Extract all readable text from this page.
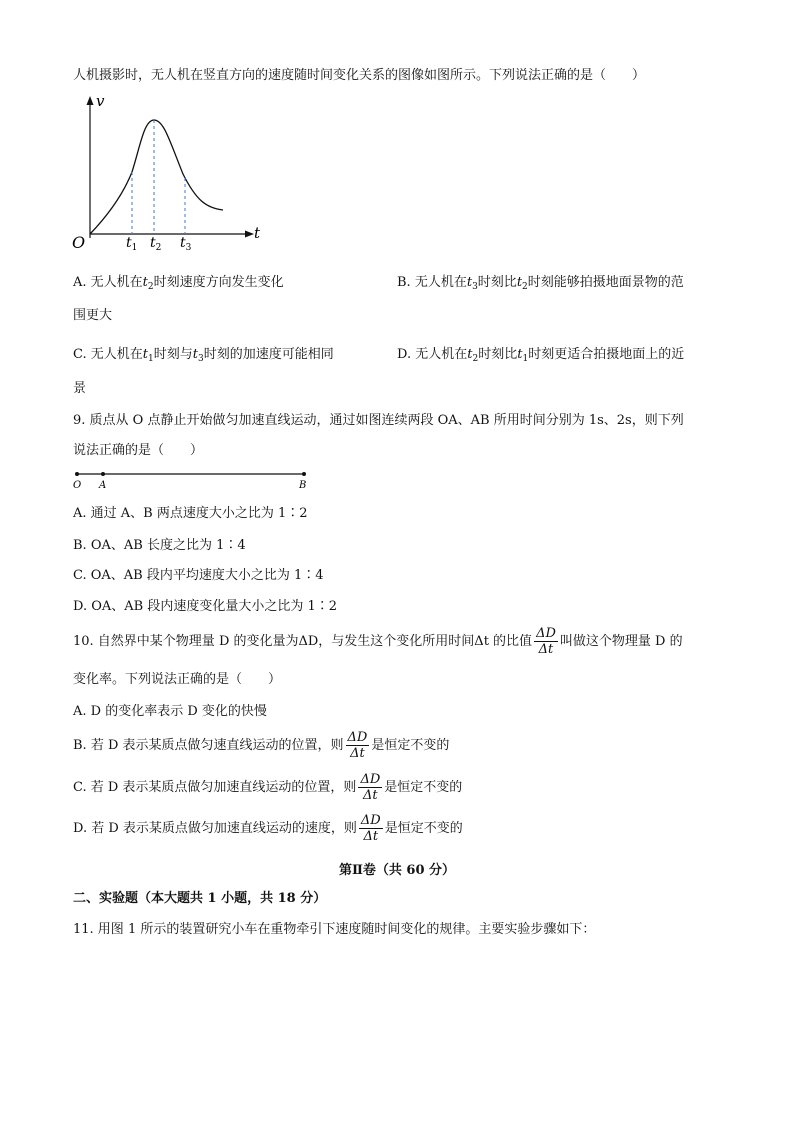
人机摄影时，无人机在竖直方向的速度随时间变化关系的图像如图所示。下列说法正确的是（　　）
v
t
O	$t_1$ $t_2$ $t_3$
A. 无人机在$t_2$时刻速度方向发生变化	B. 无人机在$t_3$时刻比$t_2$时刻能够拍摄地面景物的范
围更大
C. 无人机在$t_1$时刻与$t_3$时刻的加速度可能相同	D. 无人机在$t_2$时刻比$t_1$时刻更适合拍摄地面上的近
景
9. 质点从 O 点静止开始做匀加速直线运动，通过如图连续两段 OA、AB 所用时间分别为 1s、2s，则下列
说法正确的是（　　）
O A	B
A. 通过 A、B 两点速度大小之比为 1∶2
B. OA、AB 长度之比为 1∶4
C. OA、AB 段内平均速度大小之比为 1∶4
D. OA、AB 段内速度变化量大小之比为 1∶2
10. 自然界中某个物理量 D 的变化量为ΔD，与发生这个变化所用时间Δt 的比值 $\frac{\Delta D}{\Delta t}$ 叫做这个物理量 D 的
变化率。下列说法正确的是（　　）
A. D 的变化率表示 D 变化的快慢
B. 若 D 表示某质点做匀速直线运动的位置，则 $\frac{\Delta D}{\Delta t}$ 是恒定不变的
C. 若 D 表示某质点做匀加速直线运动的位置，则 $\frac{\Delta D}{\Delta t}$ 是恒定不变的
D. 若 D 表示某质点做匀加速直线运动的速度，则 $\frac{\Delta D}{\Delta t}$ 是恒定不变的
第Ⅱ卷（共 60 分）
二、实验题（本大题共 1 小题，共 18 分）
11. 用图 1 所示的装置研究小车在重物牵引下速度随时间变化的规律。主要实验步骤如下：
